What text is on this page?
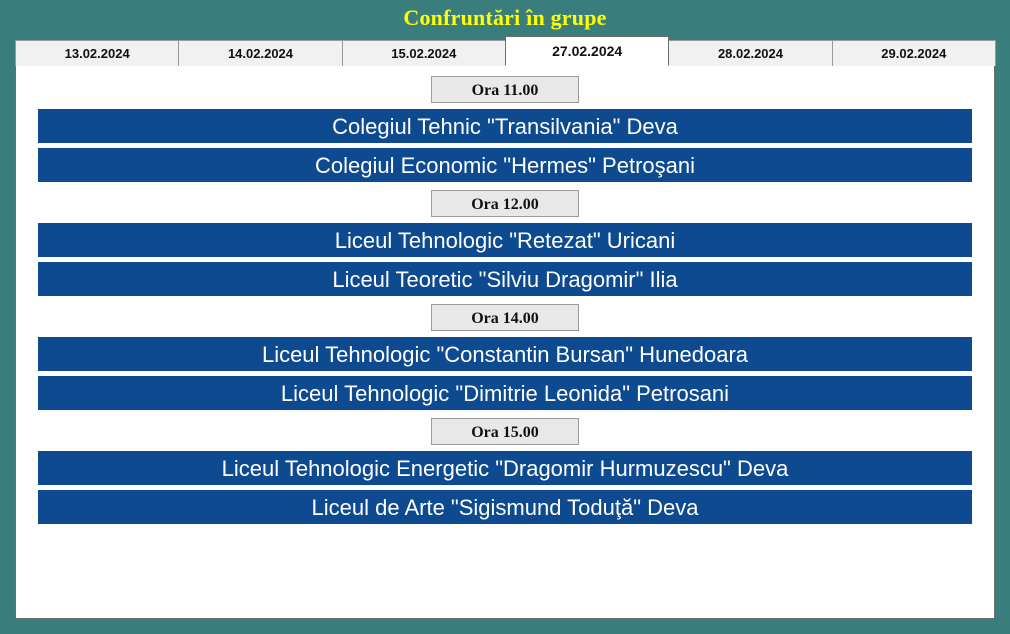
Confruntări în grupe
13.02.2024	14.02.2024	15.02.2024	27.02.2024	28.02.2024	29.02.2024
Ora 11.00
Colegiul Tehnic "Transilvania" Deva
Colegiul Economic "Hermes" Petroşani
Ora 12.00
Liceul Tehnologic "Retezat" Uricani
Liceul Teoretic "Silviu Dragomir" Ilia
Ora 14.00
Liceul Tehnologic "Constantin Bursan" Hunedoara
Liceul Tehnologic "Dimitrie Leonida" Petrosani
Ora 15.00
Liceul Tehnologic Energetic "Dragomir Hurmuzescu" Deva
Liceul de Arte "Sigismund Toduţă" Deva
